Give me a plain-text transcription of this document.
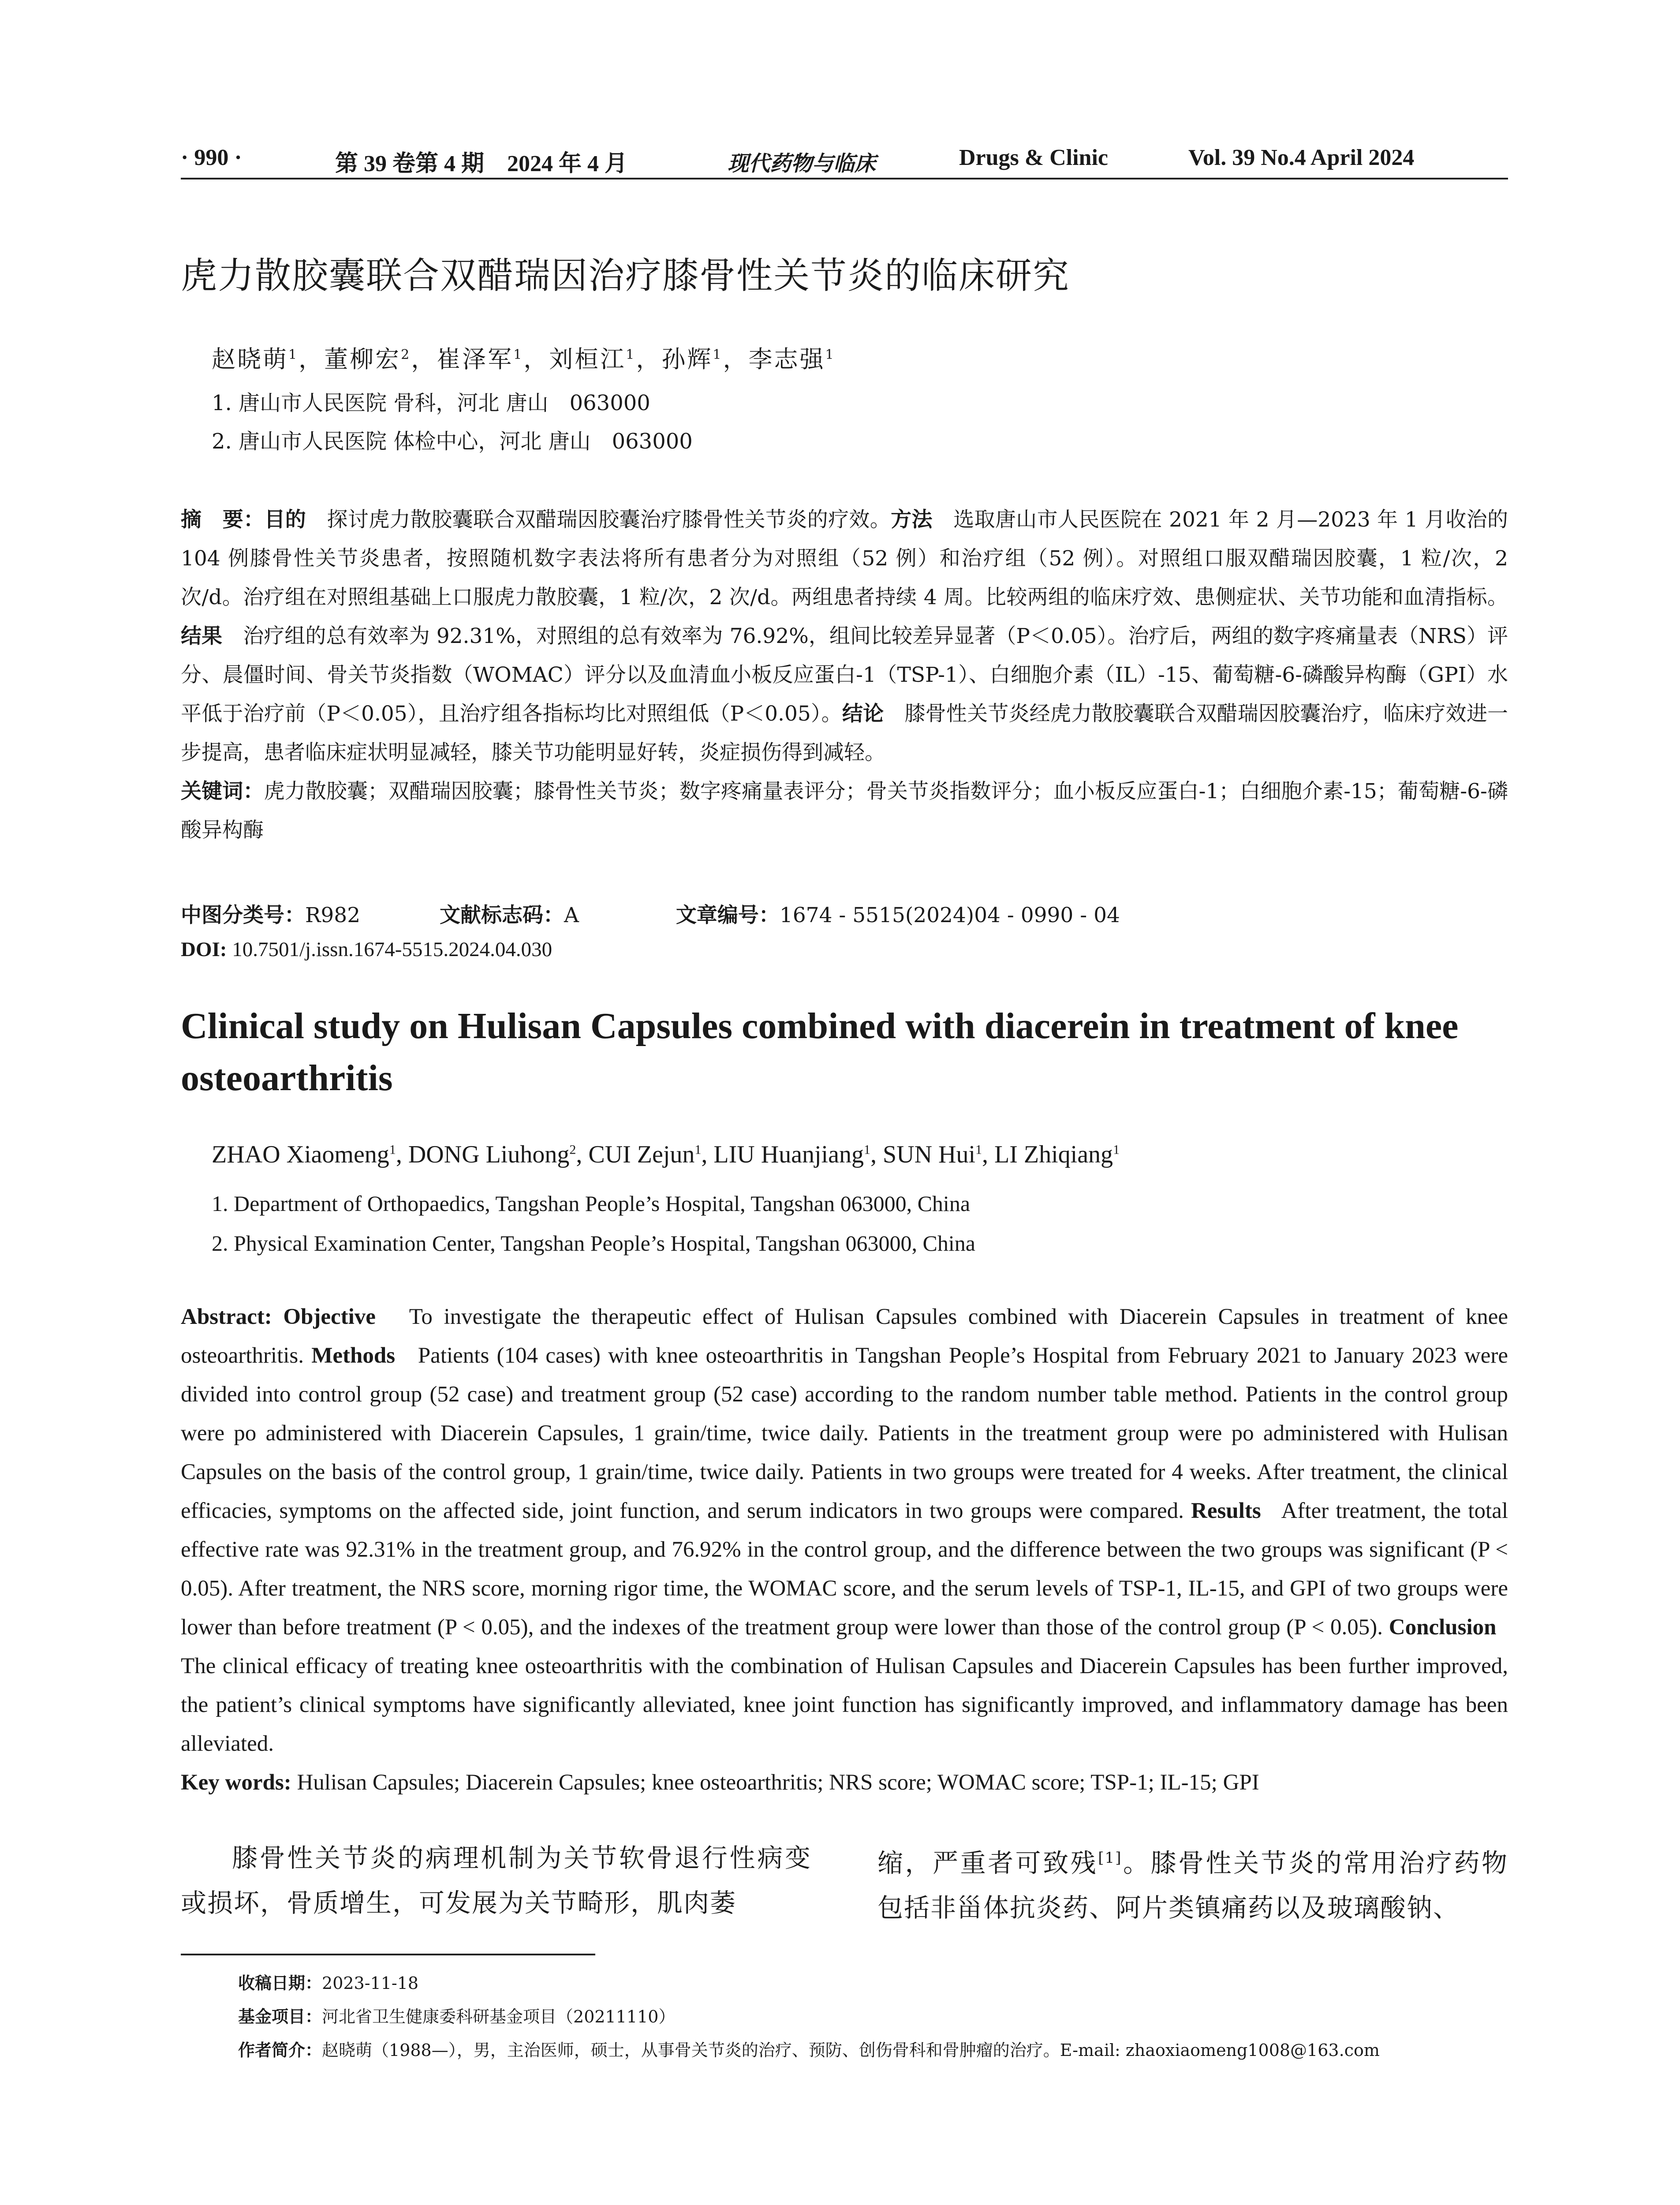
· 990 ·	第 39 卷第 4 期　2024 年 4 月	现代药物与临床	Drugs & Clinic	Vol. 39 No.4 April 2024
虎力散胶囊联合双醋瑞因治疗膝骨性关节炎的临床研究
赵晓萌$^1$，董柳宏$^2$，崔泽军$^1$，刘桓江$^1$，孙辉$^1$，李志强$^1$
1. 唐山市人民医院 骨科，河北 唐山　063000
2. 唐山市人民医院 体检中心，河北 唐山　063000
摘　要：目的　 探讨虎力散胶囊联合双醋瑞因胶囊治疗膝骨性关节炎的疗效。方法　 选取唐山市人民医院在 2021 年 2 月—2023 年 1 月收治的 104 例膝骨性关节炎患者，按照随机数字表法将所有患者分为对照组（52 例）和治疗组（52 例）。对照组口服双醋瑞因胶囊，1 粒/次，2 次/d。治疗组在对照组基础上口服虎力散胶囊，1 粒/次，2 次/d。两组患者持续 4 周。比较两组的临床疗效、患侧症状、关节功能和血清指标。结果　 治疗组的总有效率为 92.31%，对照组的总有效率为 76.92%，组间比较差异显著（P＜0.05）。治疗后，两组的数字疼痛量表（NRS）评分、晨僵时间、骨关节炎指数（WOMAC）评分以及血清血小板反应蛋白-1（TSP-1）、白细胞介素（IL）-15、葡萄糖-6-磷酸异构酶（GPI）水平低于治疗前（P＜0.05），且治疗组各指标均比对照组低（P＜0.05）。结论　 膝骨性关节炎经虎力散胶囊联合双醋瑞因胶囊治疗，临床疗效进一步提高，患者临床症状明显减轻，膝关节功能明显好转，炎症损伤得到减轻。
关键词：虎力散胶囊；双醋瑞因胶囊；膝骨性关节炎；数字疼痛量表评分；骨关节炎指数评分；血小板反应蛋白-1；白细胞介素-15；葡萄糖-6-磷酸异构酶
中图分类号：R982	文献标志码：A	文章编号：1674 - 5515(2024)04 - 0990 - 04
DOI: 10.7501/j.issn.1674-5515.2024.04.030
Clinical study on Hulisan Capsules combined with diacerein in treatment of knee osteoarthritis
ZHAO Xiaomeng$^1$, DONG Liuhong$^2$, CUI Zejun$^1$, LIU Huanjiang$^1$, SUN Hui$^1$, LI Zhiqiang$^1$
1. Department of Orthopaedics, Tangshan People’s Hospital, Tangshan 063000, China
2. Physical Examination Center, Tangshan People’s Hospital, Tangshan 063000, China
Abstract: Objective To investigate the therapeutic effect of Hulisan Capsules combined with Diacerein Capsules in treatment of knee osteoarthritis. Methods Patients (104 cases) with knee osteoarthritis in Tangshan People’s Hospital from February 2021 to January 2023 were divided into control group (52 case) and treatment group (52 case) according to the random number table method. Patients in the control group were po administered with Diacerein Capsules, 1 grain/time, twice daily. Patients in the treatment group were po administered with Hulisan Capsules on the basis of the control group, 1 grain/time, twice daily. Patients in two groups were treated for 4 weeks. After treatment, the clinical efficacies, symptoms on the affected side, joint function, and serum indicators in two groups were compared. Results After treatment, the total effective rate was 92.31% in the treatment group, and 76.92% in the control group, and the difference between the two groups was significant (P < 0.05). After treatment, the NRS score, morning rigor time, the WOMAC score, and the serum levels of TSP-1, IL-15, and GPI of two groups were lower than before treatment (P < 0.05), and the indexes of the treatment group were lower than those of the control group (P < 0.05). Conclusion   The clinical efficacy of treating knee osteoarthritis with the combination of Hulisan Capsules and Diacerein Capsules has been further improved, the patient’s clinical symptoms have significantly alleviated, knee joint function has significantly improved, and inflammatory damage has been alleviated.
Key words: Hulisan Capsules; Diacerein Capsules; knee osteoarthritis; NRS score; WOMAC score; TSP-1; IL-15; GPI
膝骨性关节炎的病理机制为关节软骨退行性病变或损坏，骨质增生，可发展为关节畸形，肌肉萎
缩，严重者可致残[1]。膝骨性关节炎的常用治疗药物包括非甾体抗炎药、阿片类镇痛药以及玻璃酸钠、
收稿日期：2023-11-18
基金项目：河北省卫生健康委科研基金项目（20211110）
作者简介：赵晓萌（1988—），男，主治医师，硕士，从事骨关节炎的治疗、预防、创伤骨科和骨肿瘤的治疗。E-mail: zhaoxiaomeng1008@163.com
